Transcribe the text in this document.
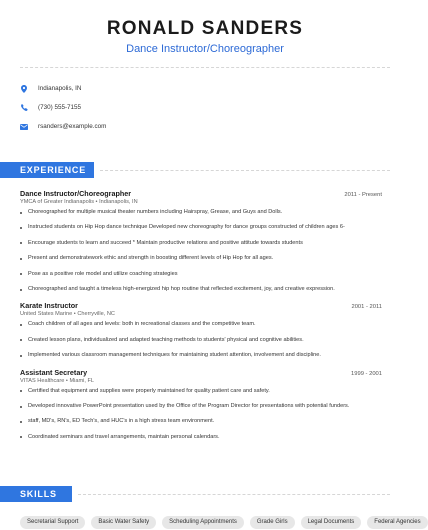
RONALD SANDERS
Dance Instructor/Choreographer
Indianapolis, IN
(730) 555-7155
rsanders@example.com
EXPERIENCE
Dance Instructor/Choreographer	2011 - Present
YMCA of Greater Indianapolis • Indianapolis, IN
Choreographed for multiple musical theater numbers including Hairspray, Grease, and Guys and Dolls.
Instructed students on Hip Hop dance technique Developed new choreography for dance groups constructed of children ages 6-
Encourage students to learn and succeed * Maintain productive relations and positive attitude towards students
Present and demonstratework ethic and strength in boosting different levels of Hip Hop for all ages.
Pose as a positive role model and utilize coaching strategies
Choreographed and taught a timeless high-energized hip hop routine that reflected excitement, joy, and creative expression.
Karate Instructor	2001 - 2011
United States Marine • Cherryville, NC
Coach children of all ages and levels: both in recreational classes and the competitive team.
Created lesson plans, individualized and adapted teaching methods to students' physical and cognitive abilities.
Implemented various classroom management techniques for maintaining student attention, involvement and discipline.
Assistant Secretary	1999 - 2001
VITAS Healthcare • Miami, FL
Certified that equipment and supplies were properly maintained for quality patient care and safety.
Developed innovative PowerPoint presentation used by the Office of the Program Director for presentations with potential funders.
staff, MD's, RN's, ED Tech's, and HUC's in a high stress team environment.
Coordinated seminars and travel arrangements, maintain personal calendars.
SKILLS
Secretarial Support	Basic Water Safety	Scheduling Appointments	Grade Girls	Legal Documents	Federal Agencies
